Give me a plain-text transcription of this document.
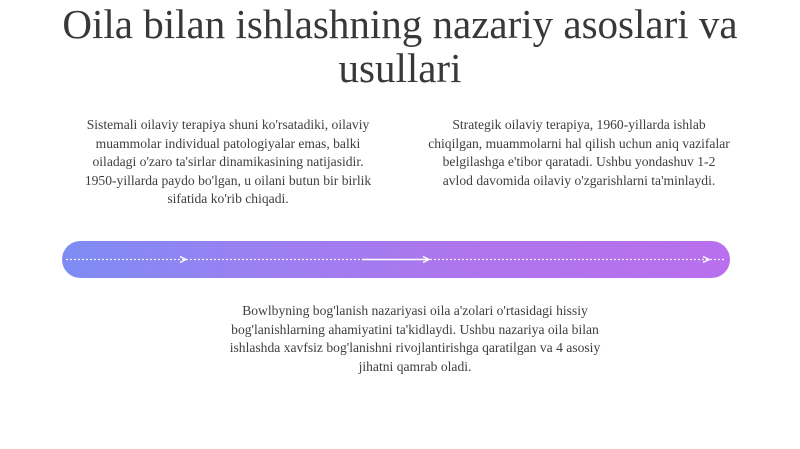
Oila bilan ishlashning nazariy asoslari va usullari

Sistemali oilaviy terapiya shuni ko'rsatadiki, oilaviy muammolar individual patologiyalar emas, balki oiladagi o'zaro ta'sirlar dinamikasining natijasidir. 1950-yillarda paydo bo'lgan, u oilani butun bir birlik sifatida ko'rib chiqadi.

Strategik oilaviy terapiya, 1960-yillarda ishlab chiqilgan, muammolarni hal qilish uchun aniq vazifalar belgilashga e'tibor qaratadi. Ushbu yondashuv 1-2 avlod davomida oilaviy o'zgarishlarni ta'minlaydi.

Bowlbyning bog'lanish nazariyasi oila a'zolari o'rtasidagi hissiy bog'lanishlarning ahamiyatini ta'kidlaydi. Ushbu nazariya oila bilan ishlashda xavfsiz bog'lanishni rivojlantirishga qaratilgan va 4 asosiy jihatni qamrab oladi.
